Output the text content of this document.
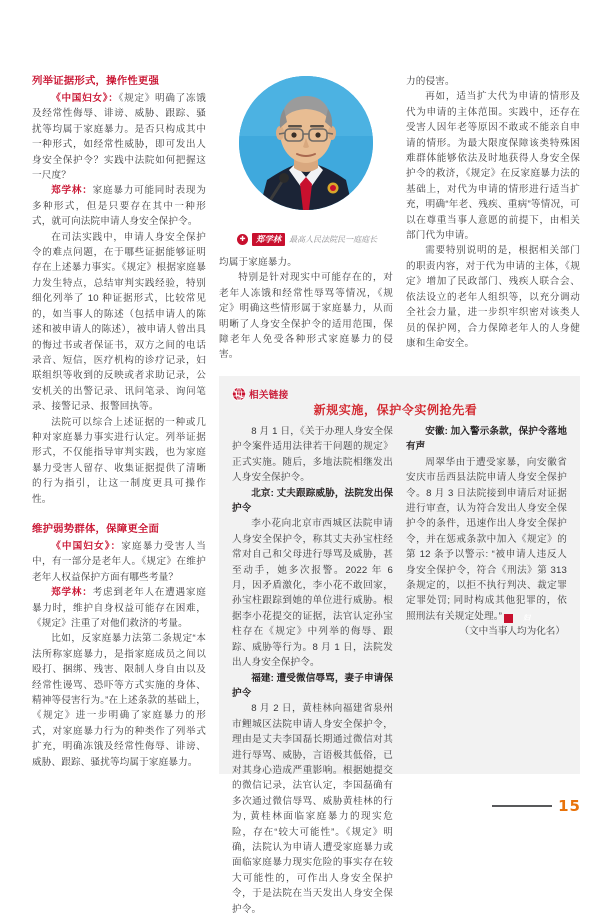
列举证据形式，操作性更强

《中国妇女》：《规定》明确了冻饿及经常性侮辱、诽谤、威胁、跟踪、骚扰等均属于家庭暴力。是否只构成其中一种形式，如经常性威胁，即可发出人身安全保护令？实践中法院如何把握这一尺度？

郑学林：家庭暴力可能同时表现为多种形式，但是只要存在其中一种形式，就可向法院申请人身安全保护令。

在司法实践中，申请人身安全保护令的难点问题，在于哪些证据能够证明存在上述暴力事实。《规定》根据家庭暴力发生特点，总结审判实践经验，特别细化列举了 10 种证据形式，比较常见的，如当事人的陈述（包括申请人的陈述和被申请人的陈述），被申请人曾出具的悔过书或者保证书，双方之间的电话录音、短信，医疗机构的诊疗记录，妇联组织等收到的反映或者求助记录，公安机关的出警记录、讯问笔录、询问笔录、接警记录、报警回执等。

法院可以综合上述证据的一种或几种对家庭暴力事实进行认定。列举证据形式，不仅能指导审判实践，也为家庭暴力受害人留存、收集证据提供了清晰的行为指引，让这一制度更具可操作性。

维护弱势群体，保障更全面

《中国妇女》：家庭暴力受害人当中，有一部分是老年人。《规定》在维护老年人权益保护方面有哪些考量？

郑学林：考虑到老年人在遭遇家庭暴力时，维护自身权益可能存在困难，《规定》注重了对他们救济的考量。

比如，反家庭暴力法第二条规定“本法所称家庭暴力，是指家庭成员之间以殴打、捆绑、残害、限制人身自由以及经常性谩骂、恐吓等方式实施的身体、精神等侵害行为。”在上述条款的基础上，《规定》进一步明确了家庭暴力的形式，对家庭暴力行为的种类作了列举式扩充，明确冻饿及经常性侮辱、诽谤、威胁、跟踪、骚扰等均属于家庭暴力。

✚	郑学林	最高人民法院民一庭庭长

均属于家庭暴力。

特别是针对现实中可能存在的，对老年人冻饿和经常性辱骂等情况，《规定》明确这些情形属于家庭暴力，从而明晰了人身安全保护令的适用范围，保障老年人免受各种形式家庭暴力的侵害。

力的侵害。

再如，适当扩大代为申请的情形及代为申请的主体范围。实践中，还存在受害人因年老等原因不敢或不能亲自申请的情形。为最大限度保障该类特殊困难群体能够依法及时地获得人身安全保护令的救济，《规定》在反家庭暴力法的基础上，对代为申请的情形进行适当扩充，明确“年老、残疾、重病”等情况，可以在尊重当事人意愿的前提下，由相关部门代为申请。

需要特别说明的是，根据相关部门的职责内容，对于代为申请的主体，《规定》增加了民政部门、残疾人联合会、依法设立的老年人组织等，以充分调动全社会力量，进一步织牢织密对该类人员的保护网，合力保障老年人的人身健康和生命安全。

相关链接
新规实施，保护令实例抢先看

8 月 1 日，《关于办理人身安全保护令案件适用法律若干问题的规定》正式实施。随后，多地法院相继发出人身安全保护令。

北京: 丈夫跟踪威胁，法院发出保护令

李小花向北京市西城区法院申请人身安全保护令，称其丈夫孙宝柱经常对自己和父母进行辱骂及威胁，甚至动手，她多次报警。2022 年 6 月，因矛盾激化，李小花不敢回家，孙宝柱跟踪到她的单位进行威胁。根据李小花提交的证据，法官认定孙宝柱存在《规定》中列举的侮辱、跟踪、威胁等行为。8 月 1 日，法院发出人身安全保护令。

福建: 遭受微信辱骂，妻子申请保护令

8 月 2 日，黄桂林向福建省泉州市鲤城区法院申请人身安全保护令，理由是丈夫李国磊长期通过微信对其进行辱骂、威胁，言语极其低俗，已对其身心造成严重影响。根据她提交的微信记录，法官认定，李国磊确有多次通过微信辱骂、威胁黄桂林的行为, 黄桂林面临家庭暴力的现实危险，存在“较大可能性”。《规定》明确，法院认为申请人遭受家庭暴力或面临家庭暴力现实危险的事实存在较大可能性的，可作出人身安全保护令，于是法院在当天发出人身安全保护令。

安徽: 加入警示条款，保护令落地有声

周翠华由于遭受家暴，向安徽省安庆市岳西县法院申请人身安全保护令。8 月 3 日法院接到申请后对证据进行审查，认为符合发出人身安全保护令的条件，迅速作出人身安全保护令，并在惩戒条款中加入《规定》的第 12 条予以警示: “被申请人违反人身安全保护令，符合《刑法》第 313 条规定的，以拒不执行判决、裁定罪定罪处罚; 同时构成其他犯罪的，依照刑法有关规定处理。”	妇

（文中当事人均为化名）

15
